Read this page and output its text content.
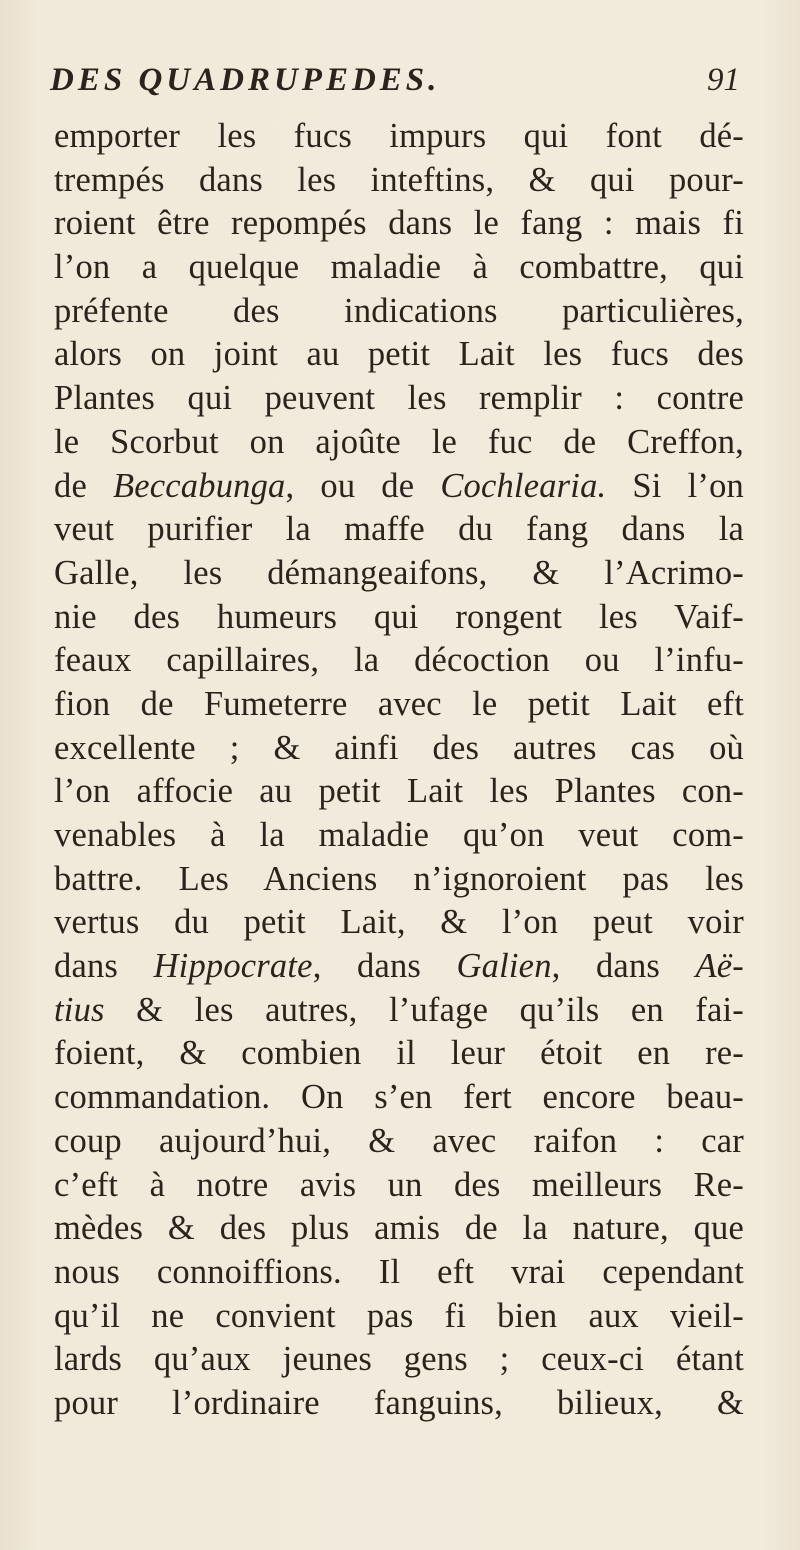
DES QUADRUPEDES.	91
emporter les fucs impurs qui font dé-
trempés dans les inteftins, & qui pour-
roient être repompés dans le fang : mais fi
l’on a quelque maladie à combattre, qui
préfente des indications particulières,
alors on joint au petit Lait les fucs des
Plantes qui peuvent les remplir : contre
le Scorbut on ajoûte le fuc de Creffon,
de Beccabunga, ou de Cochlearia. Si l’on
veut purifier la maffe du fang dans la
Galle, les démangeaifons, & l’Acrimo-
nie des humeurs qui rongent les Vaif-
feaux capillaires, la décoction ou l’infu-
fion de Fumeterre avec le petit Lait eft
excellente ; & ainfi des autres cas où
l’on affocie au petit Lait les Plantes con-
venables à la maladie qu’on veut com-
battre. Les Anciens n’ignoroient pas les
vertus du petit Lait, & l’on peut voir
dans Hippocrate, dans Galien, dans Aë-
tius & les autres, l’ufage qu’ils en fai-
foient, & combien il leur étoit en re-
commandation. On s’en fert encore beau-
coup aujourd’hui, & avec raifon : car
c’eft à notre avis un des meilleurs Re-
mèdes & des plus amis de la nature, que
nous connoiffions. Il eft vrai cependant
qu’il ne convient pas fi bien aux vieil-
lards qu’aux jeunes gens ; ceux-ci étant
pour l’ordinaire fanguins, bilieux, &
